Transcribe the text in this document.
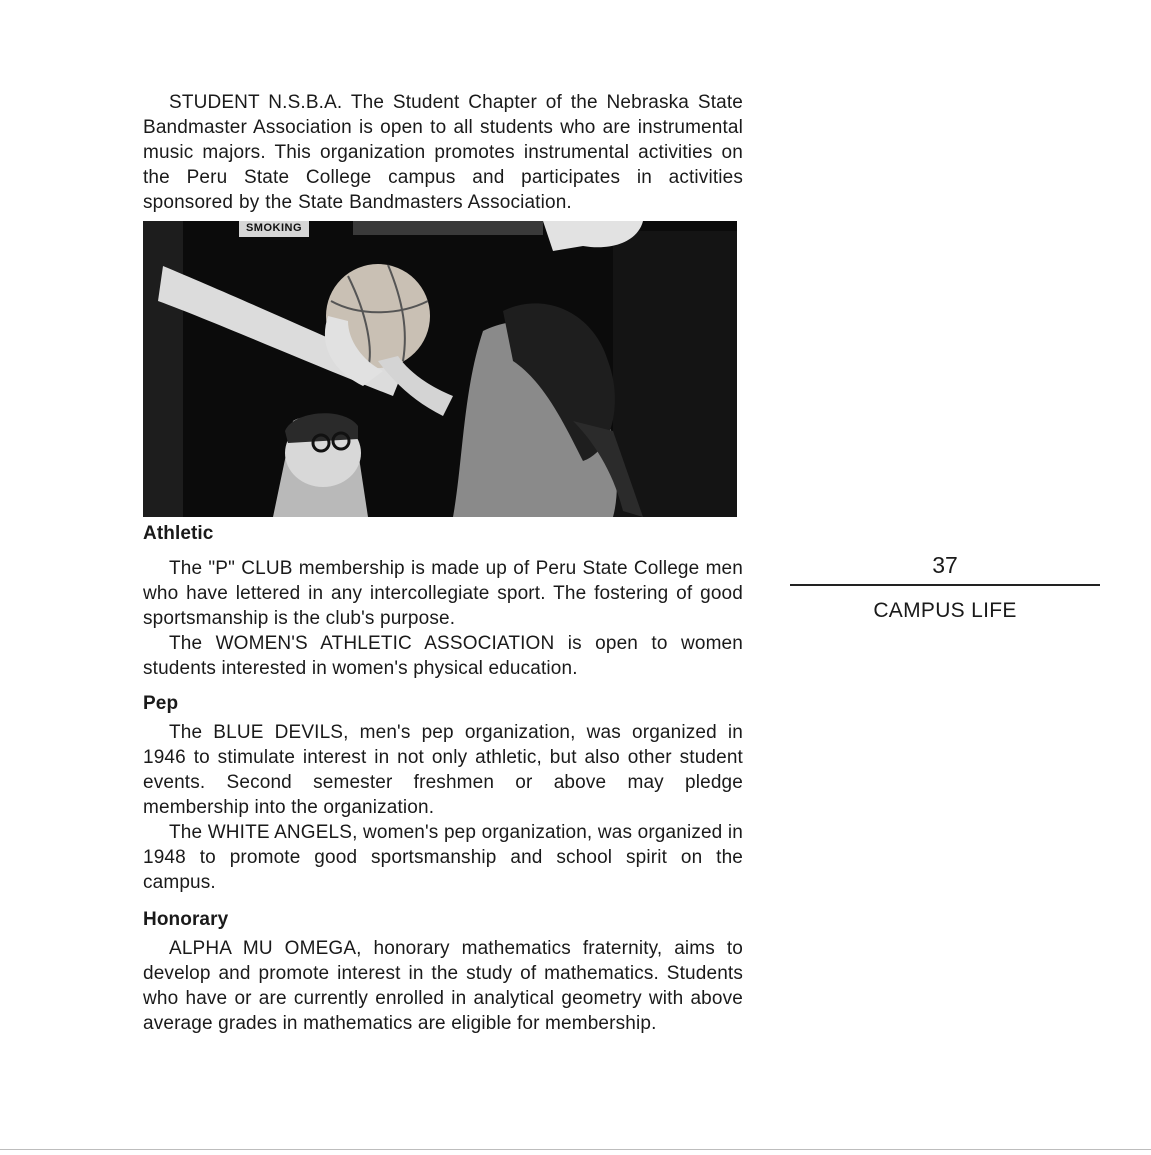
STUDENT N.S.B.A. The Student Chapter of the Nebraska State Bandmaster Association is open to all students who are instrumental music majors. This organization promotes instrumental activities on the Peru State College campus and participates in activities sponsored by the State Bandmasters Association.

SMOKING

Athletic

The "P" CLUB membership is made up of Peru State College men who have lettered in any intercollegiate sport. The fostering of good sportsmanship is the club's purpose.

The WOMEN'S ATHLETIC ASSOCIATION is open to women students interested in women's physical education.

Pep

The BLUE DEVILS, men's pep organization, was organized in 1946 to stimulate interest in not only athletic, but also other student events. Second semester freshmen or above may pledge membership into the organization.

The WHITE ANGELS, women's pep organization, was organized in 1948 to promote good sportsmanship and school spirit on the campus.

Honorary

ALPHA MU OMEGA, honorary mathematics fraternity, aims to develop and promote interest in the study of mathematics. Students who have or are currently enrolled in analytical geometry with above average grades in mathematics are eligible for membership.

37
CAMPUS LIFE
